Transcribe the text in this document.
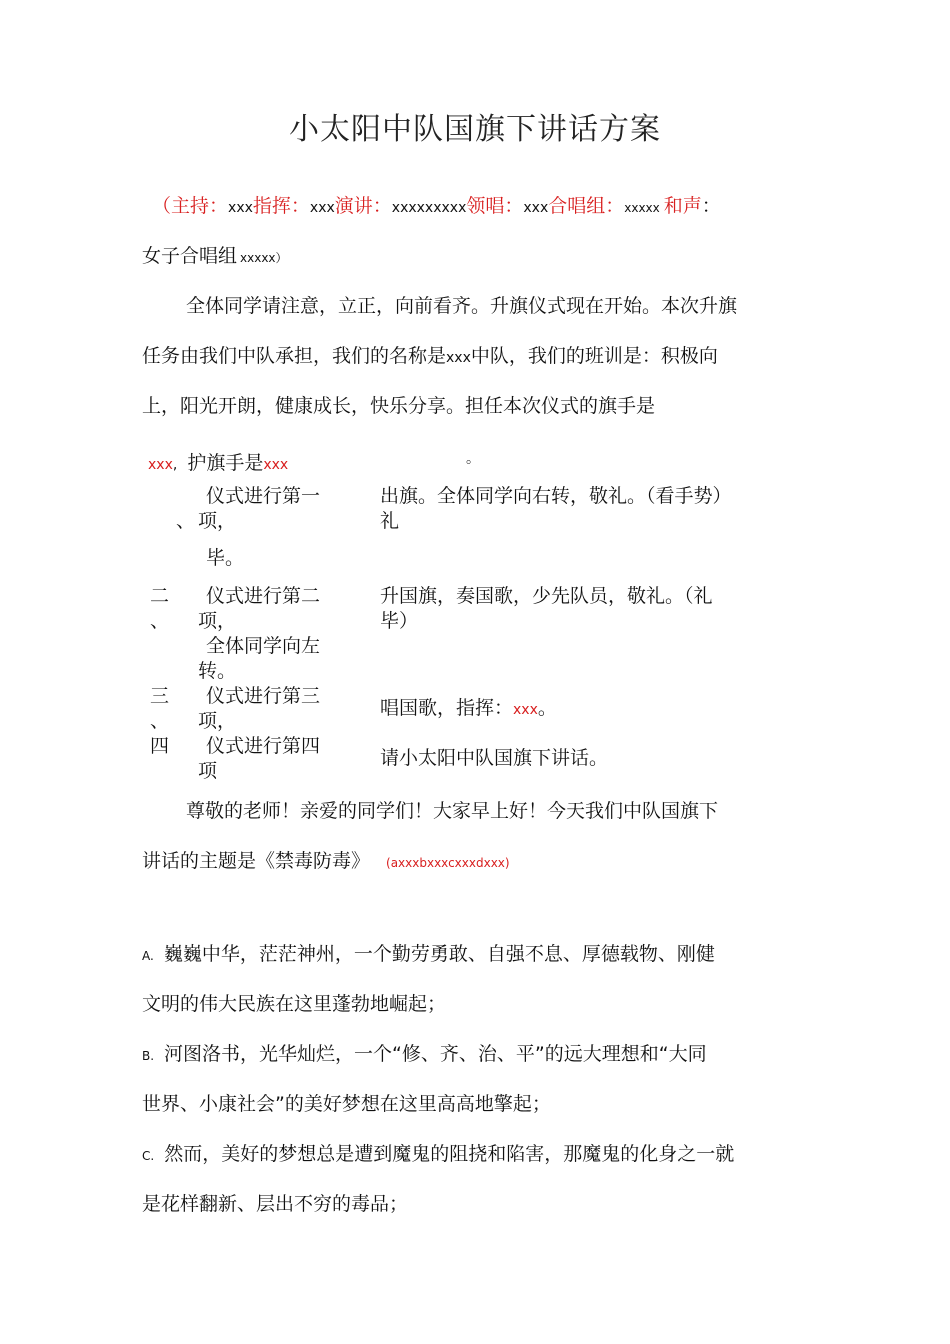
小太阳中队国旗下讲话方案
（主持：xxx指挥：xxx演讲：xxxxxxxxx领唱：xxx合唱组：xxxxx 和声：
女子合唱组 xxxxx）
全体同学请注意，立正，向前看齐。升旗仪式现在开始。本次升旗
任务由我们中队承担，我们的名称是xxx中队，我们的班训是：积极向
上，阳光开朗，健康成长，快乐分享。担任本次仪式的旗手是
xxx, 护旗手是xxx	。
仪式进行第一
、 项，
毕。
出旗。全体同学向右转，敬礼。（看手势）
礼
二
、
仪式进行第二
项，
全体同学向左
转。
升国旗，奏国歌，少先队员，敬礼。（礼
毕）
三
、
仪式进行第三
项，
唱国歌，指挥：xxx。
四 仪式进行第四
项
请小太阳中队国旗下讲话。
尊敬的老师！亲爱的同学们！大家早上好！今天我们中队国旗下
讲话的主题是《禁毒防毒》 (axxxbxxxcxxxdxxx)
A. 巍巍中华，茫茫神州，一个勤劳勇敢、自强不息、厚德载物、刚健
文明的伟大民族在这里蓬勃地崛起；
B. 河图洛书，光华灿烂，一个“修、齐、治、平”的远大理想和“大同
世界、小康社会”的美好梦想在这里高高地擎起；
C. 然而，美好的梦想总是遭到魔鬼的阻挠和陷害，那魔鬼的化身之一就
是花样翻新、层出不穷的毒品；
